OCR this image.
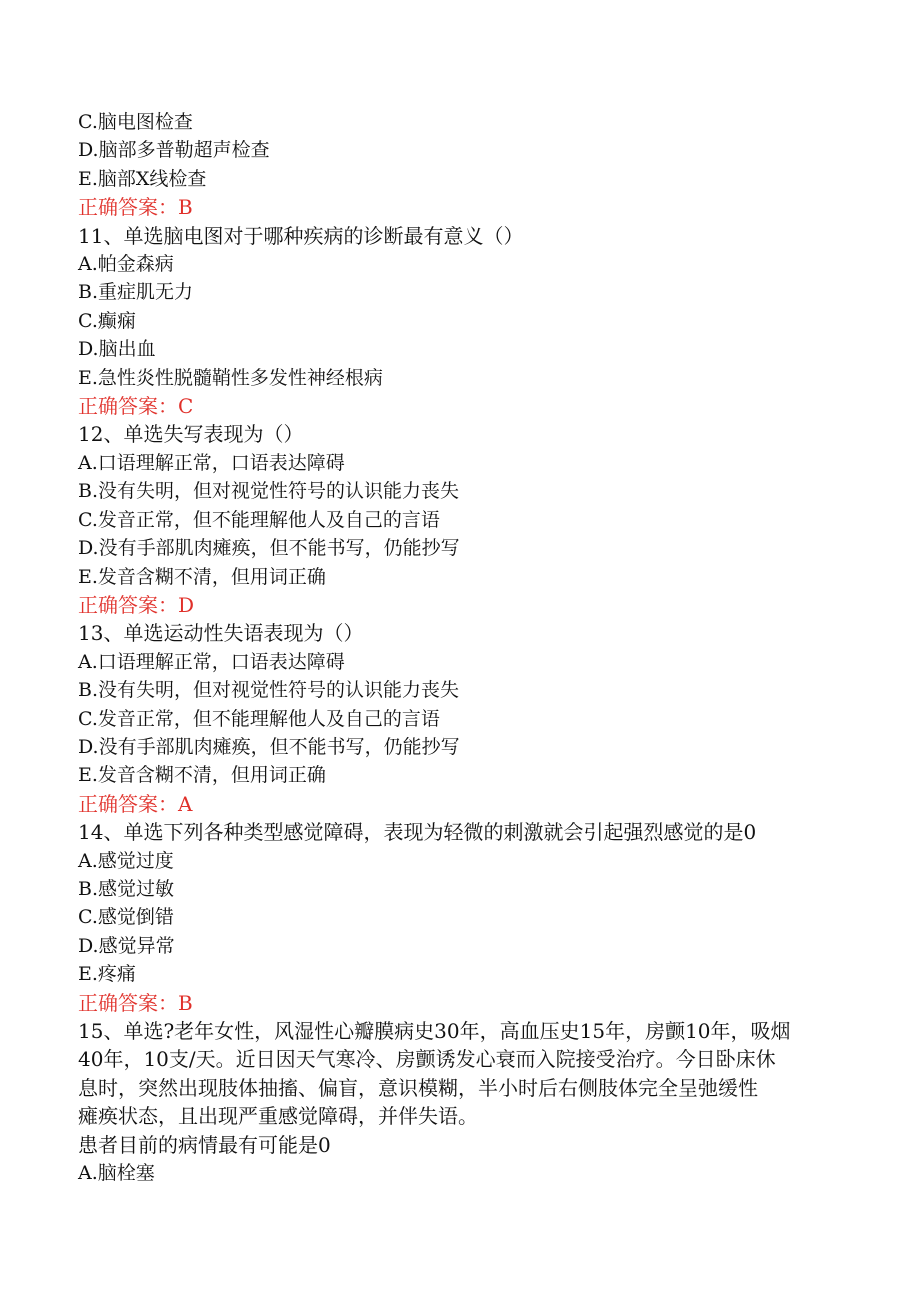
C.脑电图检查
D.脑部多普勒超声检查
E.脑部X线检查
正确答案：B
11、单选脑电图对于哪种疾病的诊断最有意义（）
A.帕金森病
B.重症肌无力
C.癫痫
D.脑出血
E.急性炎性脱髓鞘性多发性神经根病
正确答案：C
12、单选失写表现为（）
A.口语理解正常，口语表达障碍
B.没有失明，但对视觉性符号的认识能力丧失
C.发音正常，但不能理解他人及自己的言语
D.没有手部肌肉瘫痪，但不能书写，仍能抄写
E.发音含糊不清，但用词正确
正确答案：D
13、单选运动性失语表现为（）
A.口语理解正常，口语表达障碍
B.没有失明，但对视觉性符号的认识能力丧失
C.发音正常，但不能理解他人及自己的言语
D.没有手部肌肉瘫痪，但不能书写，仍能抄写
E.发音含糊不清，但用词正确
正确答案：A
14、单选下列各种类型感觉障碍，表现为轻微的刺激就会引起强烈感觉的是0
A.感觉过度
B.感觉过敏
C.感觉倒错
D.感觉异常
E.疼痛
正确答案：B
15、单选?老年女性，风湿性心瓣膜病史30年，高血压史15年，房颤10年，吸烟
40年，10支/天。近日因天气寒冷、房颤诱发心衰而入院接受治疗。今日卧床休
息时，突然出现肢体抽搐、偏盲，意识模糊，半小时后右侧肢体完全呈弛缓性
瘫痪状态，且出现严重感觉障碍，并伴失语。
患者目前的病情最有可能是0
A.脑栓塞
